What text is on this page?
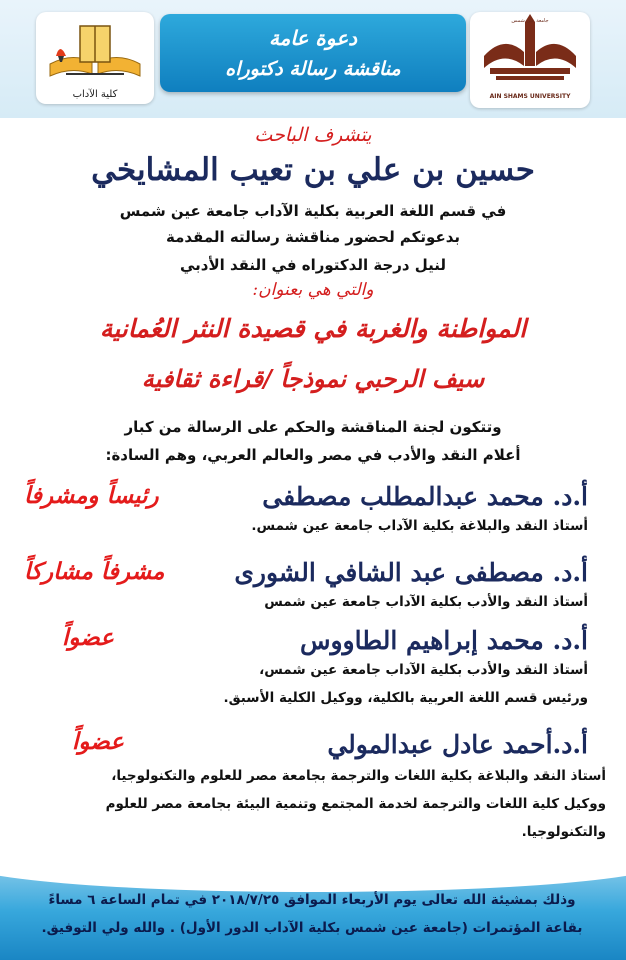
كلية الآداب
دعوة عامة
مناقشة رسالة دكتوراه
جامعة عين شمس
AIN SHAMS UNIVERSITY
يتشرف الباحث
حسين بن علي بن تعيب المشايخي
في قسم اللغة العربية بكلية الآداب جامعة عين شمس
بدعوتكم لحضور مناقشة رسالته المقدمة
لنيل درجة الدكتوراه في النقد الأدبي
والتي هي بعنوان:
المواطنة والغربة في قصيدة النثر العُمانية
سيف الرحبي نموذجاً /قراءة ثقافية
وتتكون لجنة المناقشة والحكم على الرسالة من كبار
أعلام النقد والأدب في مصر والعالم العربي، وهم السادة:
أ.د. محمد عبدالمطلب مصطفى
رئيساً ومشرفاً
أستاذ النقد والبلاغة بكلية الآداب جامعة عين شمس.
أ.د. مصطفى عبد الشافي الشورى
مشرفاً مشاركاً
أستاذ النقد والأدب بكلية الآداب جامعة عين شمس
أ.د. محمد إبراهيم الطاووس
عضواً
أستاذ النقد والأدب بكلية الآداب جامعة عين شمس،
ورئيس قسم اللغة العربية بالكلية، ووكيل الكلية الأسبق.
أ.د.أحمد عادل عبدالمولي
عضواً
أستاذ النقد والبلاغة بكلية اللغات والترجمة بجامعة مصر للعلوم والتكنولوجيا،
ووكيل كلية اللغات والترجمة لخدمة المجتمع وتنمية البيئة بجامعة مصر للعلوم
والتكنولوجيا.
وذلك بمشيئة الله تعالى يوم الأربعاء الموافق ٢٠١٨/٧/٢٥ في تمام الساعة ٦ مساءً
بقاعة المؤتمرات (جامعة عين شمس بكلية الآداب الدور الأول) . والله ولي التوفيق.
